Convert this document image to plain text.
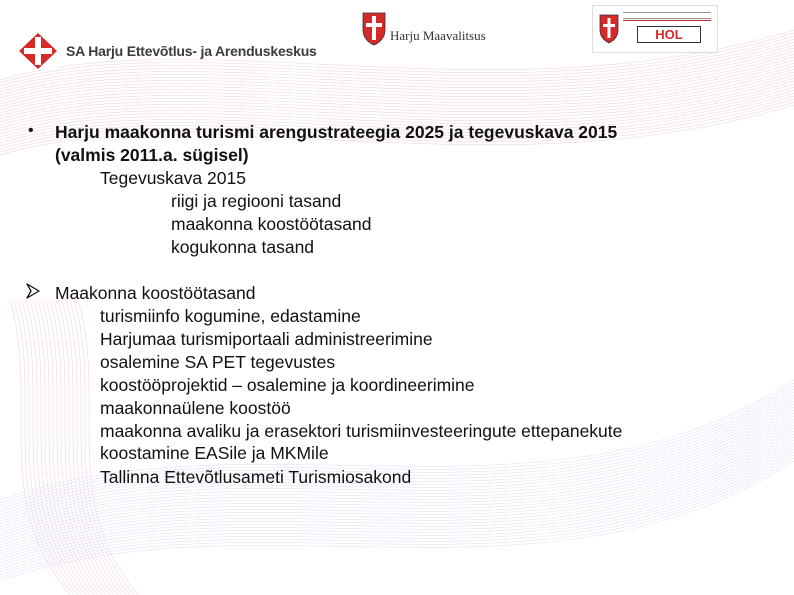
SA Harju Ettevõtlus- ja Arenduskeskus
Harju Maavalitsus	HOL
• Harju maakonna turismi arengustrateegia 2025 ja tegevuskava 2015
(valmis 2011.a. sügisel)
Tegevuskava 2015
riigi ja regiooni tasand
maakonna koostöötasand
kogukonna tasand
Maakonna koostöötasand
turismiinfo kogumine, edastamine
Harjumaa turismiportaali administreerimine
osalemine SA PET tegevustes
koostööprojektid – osalemine ja koordineerimine
maakonnaülene koostöö
maakonna avaliku ja erasektori turismiinvesteeringute ettepanekute koostamine EASile ja MKMile
Tallinna Ettevõtlusameti Turismiosakond
